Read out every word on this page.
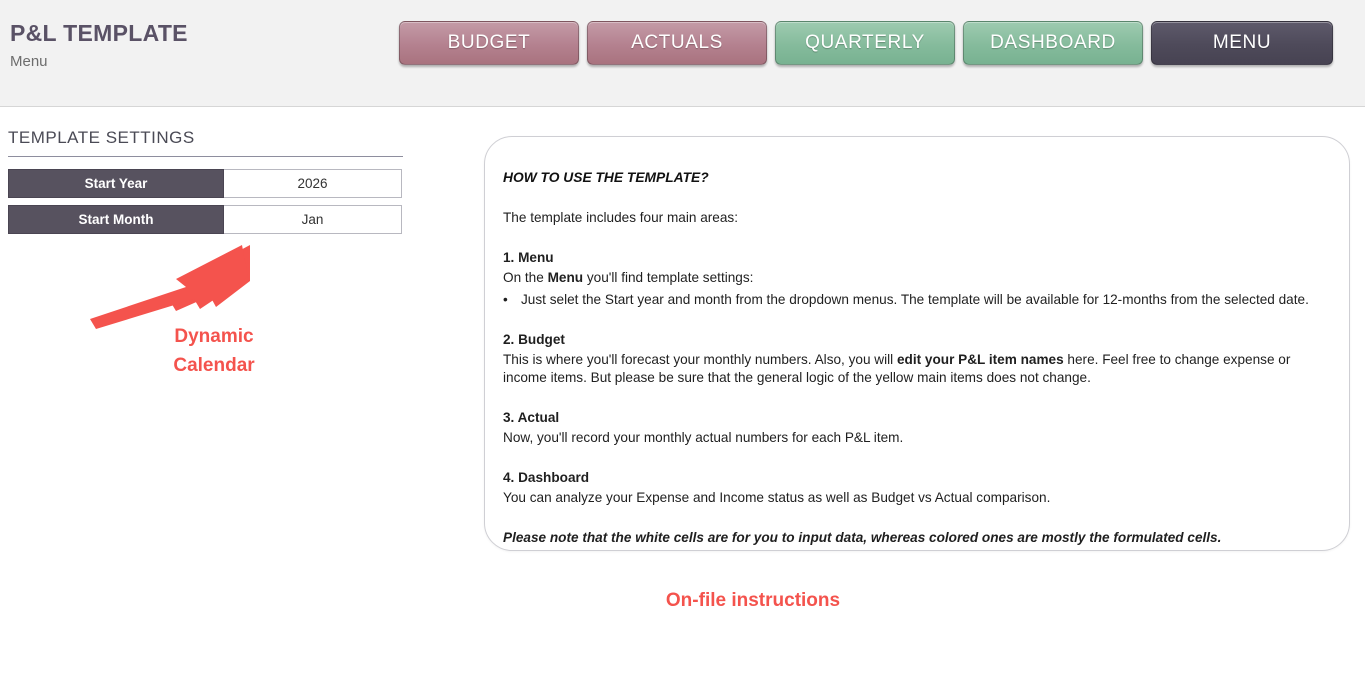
P&L TEMPLATE
Menu
BUDGET	ACTUALS	QUARTERLY	DASHBOARD	MENU
TEMPLATE SETTINGS
Start Year	2026
Start Month	Jan
Dynamic
Calendar
On-file instructions
HOW TO USE THE TEMPLATE?
The template includes four main areas:
1. Menu
On the Menu you'll find template settings:
• Just selet the Start year and month from the dropdown menus. The template will be available for 12-months from the selected date.
2. Budget
This is where you'll forecast your monthly numbers. Also, you will edit your P&L item names here. Feel free to change expense or income items. But please be sure that the general logic of the yellow main items does not change.
3. Actual
Now, you'll record your monthly actual numbers for each P&L item.
4. Dashboard
You can analyze your Expense and Income status as well as Budget vs Actual comparison.
Please note that the white cells are for you to input data, whereas colored ones are mostly the formulated cells.
